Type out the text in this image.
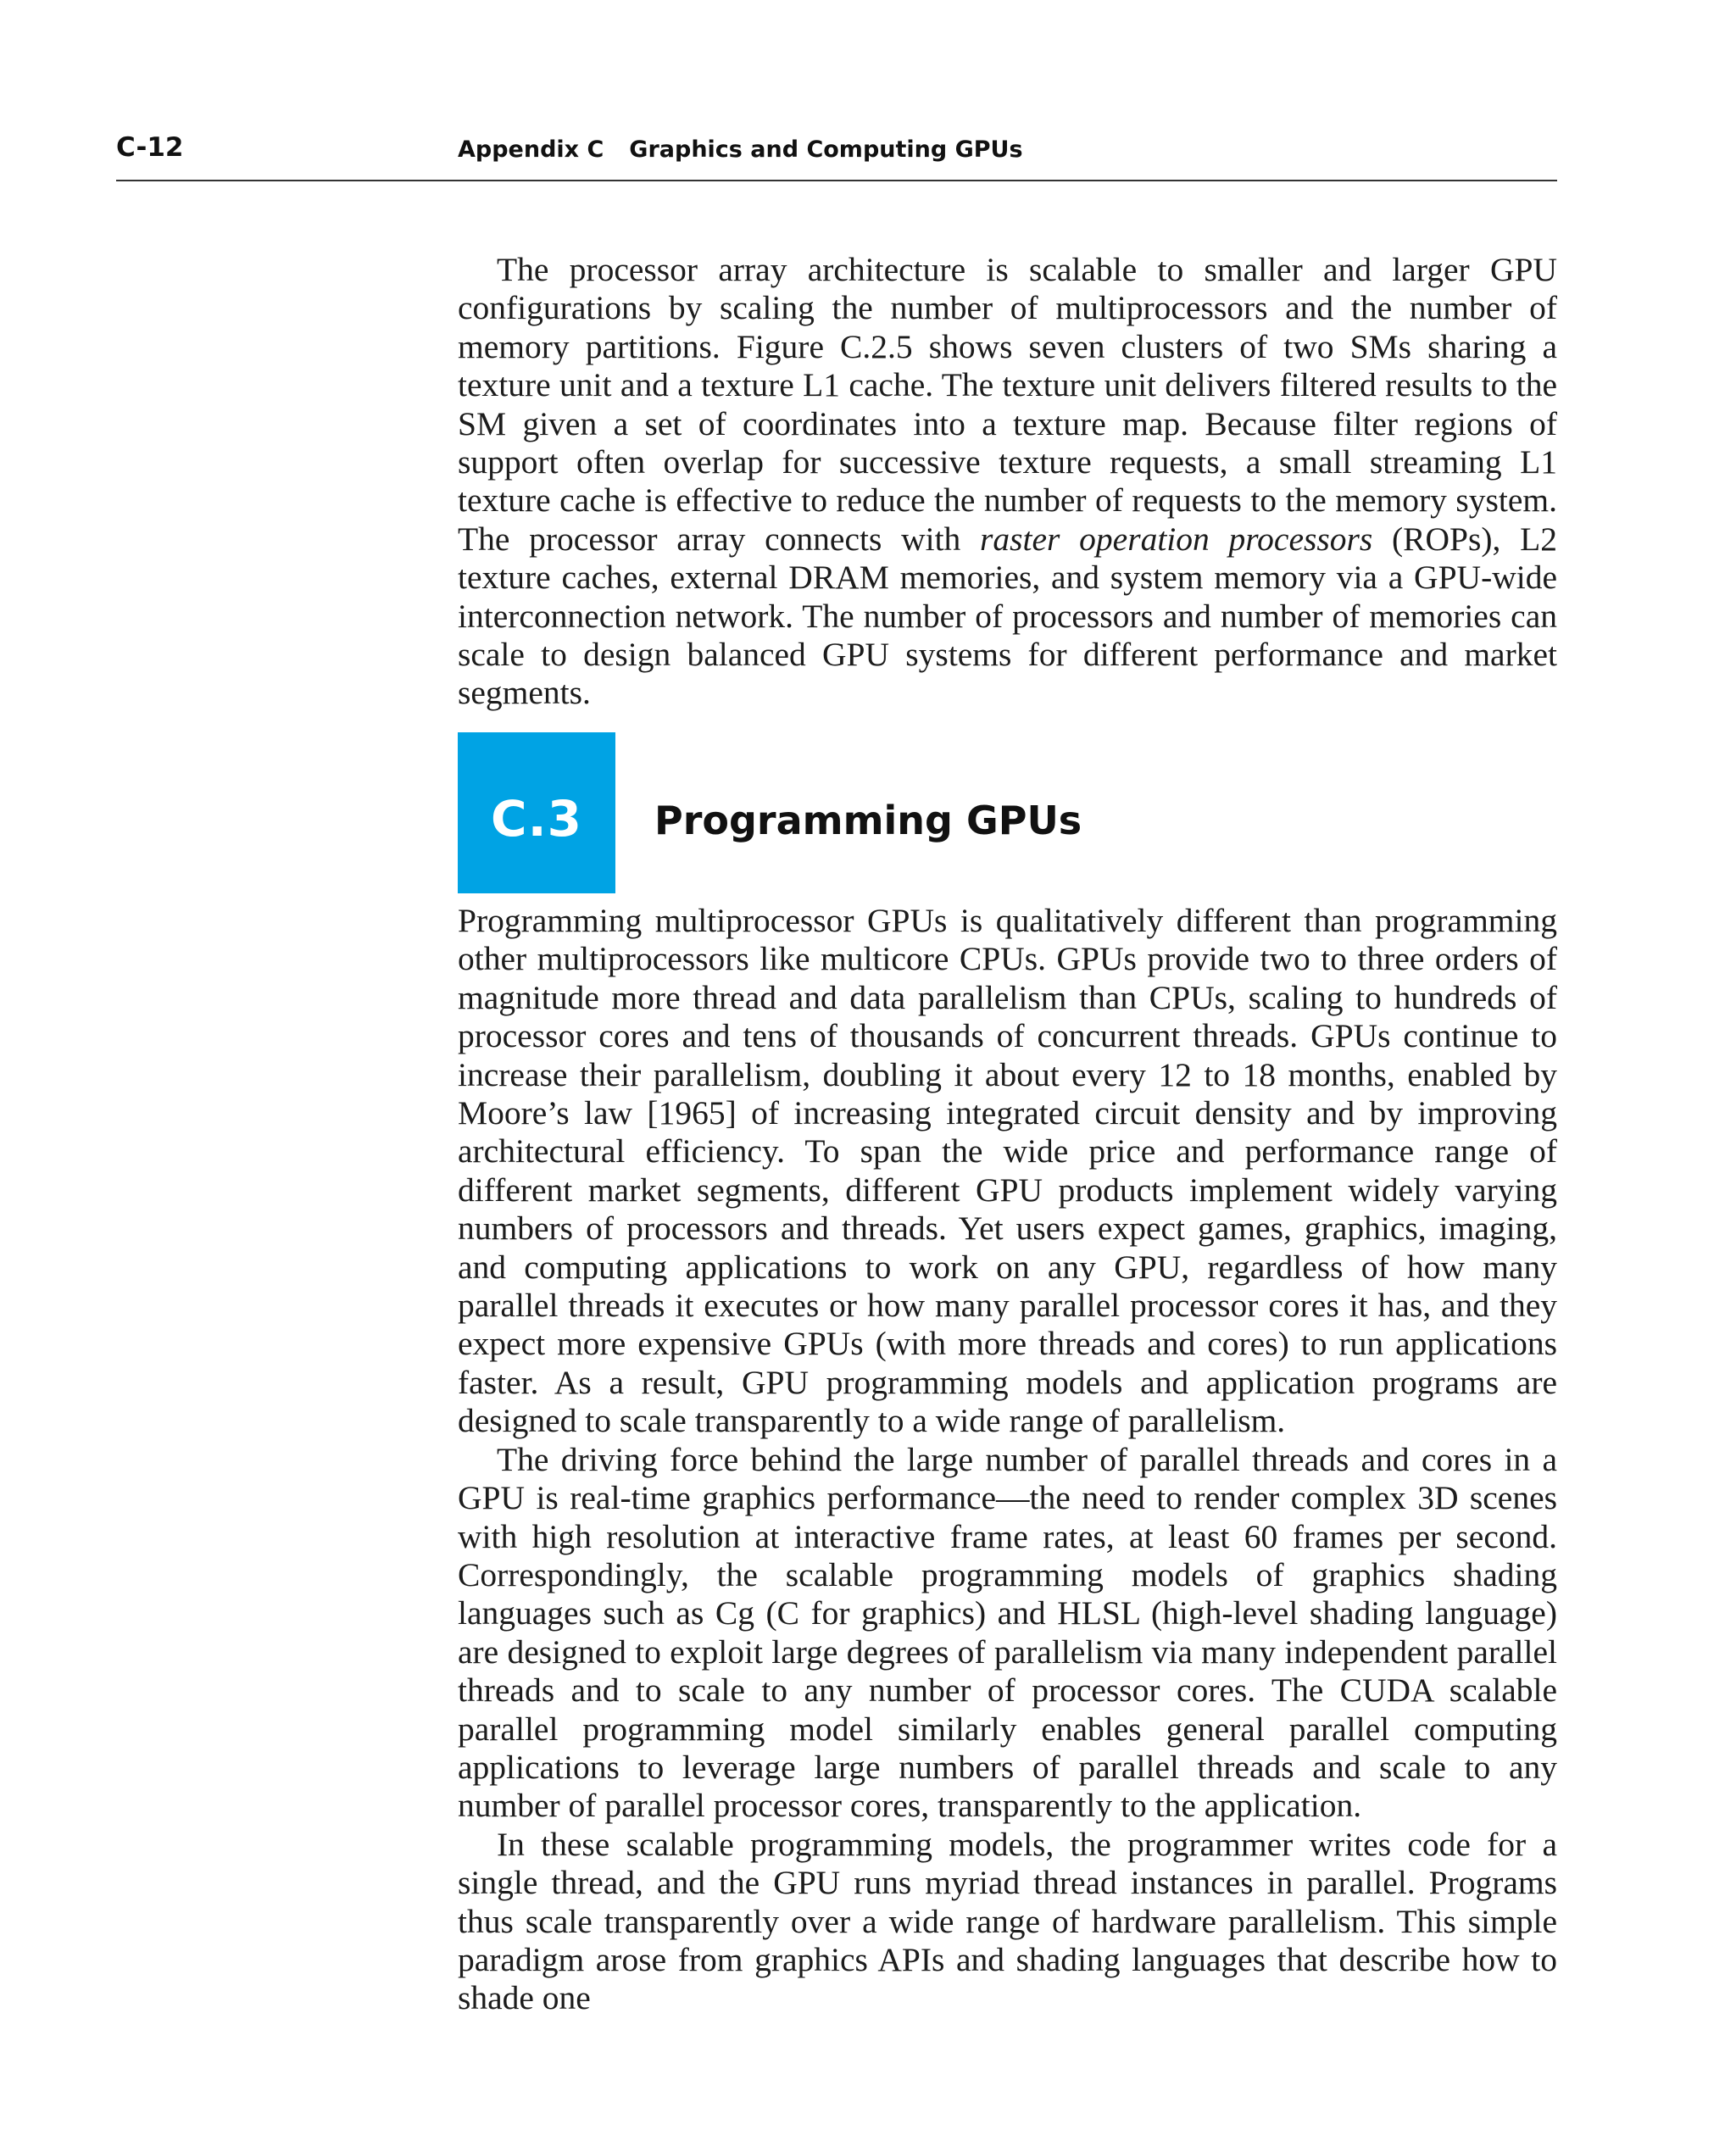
C-12	Appendix C Graphics and Computing GPUs

The processor array architecture is scalable to smaller and larger GPU configurations by scaling the number of multiprocessors and the number of memory partitions. Figure C.2.5 shows seven clusters of two SMs sharing a texture unit and a texture L1 cache. The texture unit delivers filtered results to the SM given a set of coordinates into a texture map. Because filter regions of support often overlap for successive texture requests, a small streaming L1 texture cache is effective to reduce the number of requests to the memory system. The processor array connects with raster operation processors (ROPs), L2 texture caches, external DRAM memories, and system memory via a GPU-wide interconnection network. The number of processors and number of memories can scale to design balanced GPU systems for different performance and market segments.

C.3	Programming GPUs

Programming multiprocessor GPUs is qualitatively different than programming other multiprocessors like multicore CPUs. GPUs provide two to three orders of magnitude more thread and data parallelism than CPUs, scaling to hundreds of processor cores and tens of thousands of concurrent threads. GPUs continue to increase their parallelism, doubling it about every 12 to 18 months, enabled by Moore’s law [1965] of increasing integrated circuit density and by improving architectural efficiency. To span the wide price and performance range of different market segments, different GPU products implement widely varying numbers of processors and threads. Yet users expect games, graphics, imaging, and computing applications to work on any GPU, regardless of how many parallel threads it executes or how many parallel processor cores it has, and they expect more expensive GPUs (with more threads and cores) to run applications faster. As a result, GPU programming models and application programs are designed to scale transparently to a wide range of parallelism.

The driving force behind the large number of parallel threads and cores in a GPU is real-time graphics performance—the need to render complex 3D scenes with high resolution at interactive frame rates, at least 60 frames per second. Correspondingly, the scalable programming models of graphics shading languages such as Cg (C for graphics) and HLSL (high-level shading language) are designed to exploit large degrees of parallelism via many independent parallel threads and to scale to any number of processor cores. The CUDA scalable parallel programming model similarly enables general parallel computing applications to leverage large numbers of parallel threads and scale to any number of parallel processor cores, transparently to the application.

In these scalable programming models, the programmer writes code for a single thread, and the GPU runs myriad thread instances in parallel. Programs thus scale transparently over a wide range of hardware parallelism. This simple paradigm arose from graphics APIs and shading languages that describe how to shade one
